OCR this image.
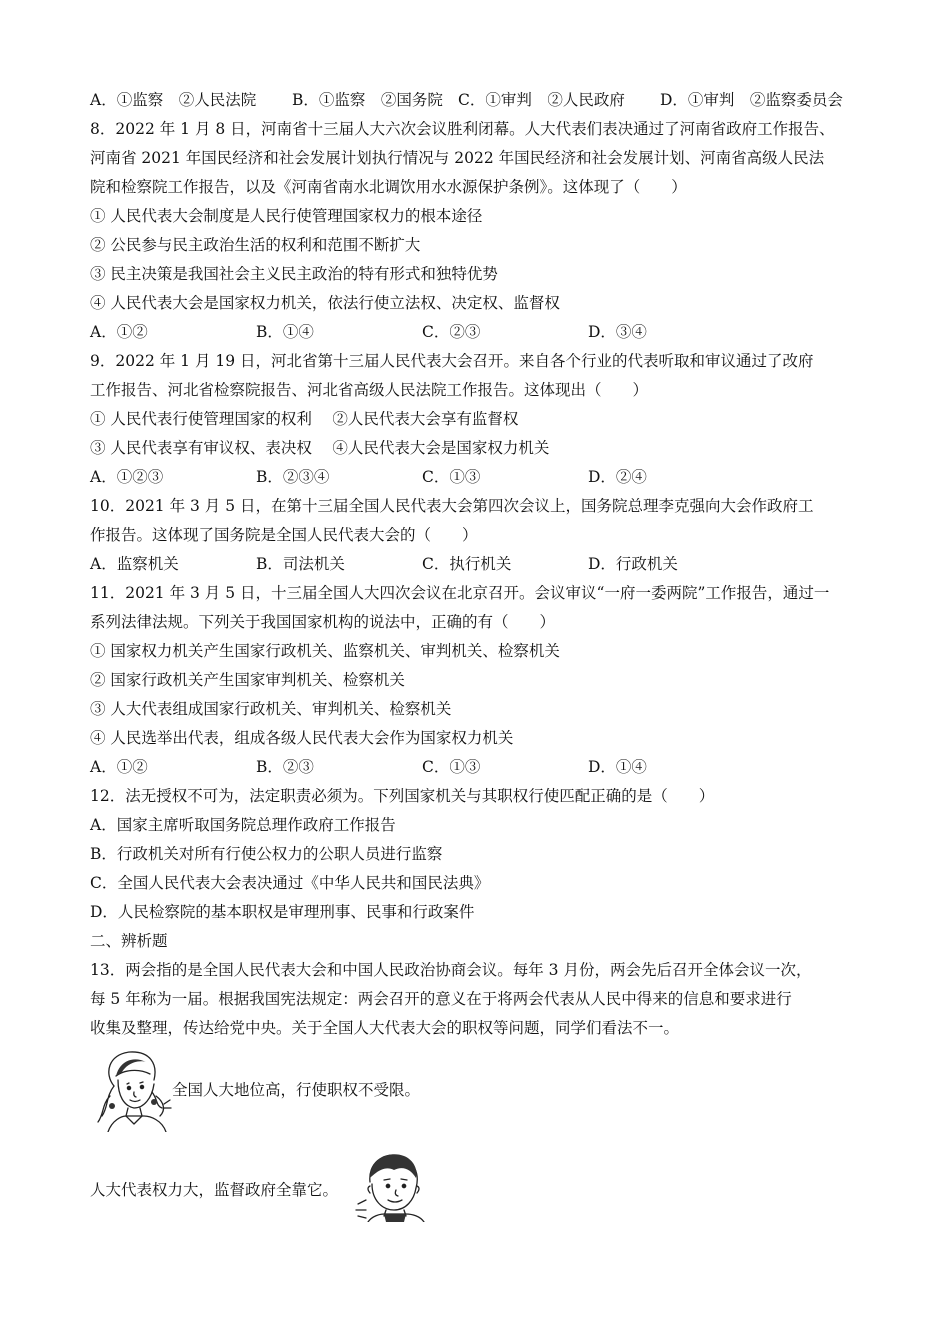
A．①监察　②人民法院 B．①监察　②国务院 C．①审判　②人民政府 D．①审判　②监察委员会
8．2022 年 1 月 8 日，河南省十三届人大六次会议胜利闭幕。人大代表们表决通过了河南省政府工作报告、
河南省 2021 年国民经济和社会发展计划执行情况与 2022 年国民经济和社会发展计划、河南省高级人民法
院和检察院工作报告，以及《河南省南水北调饮用水水源保护条例》。这体现了（　　）
① 人民代表大会制度是人民行使管理国家权力的根本途径
② 公民参与民主政治生活的权利和范围不断扩大
③ 民主决策是我国社会主义民主政治的特有形式和独特优势
④ 人民代表大会是国家权力机关，依法行使立法权、决定权、监督权
A．①②	B．①④	C．②③	D．③④
9．2022 年 1 月 19 日，河北省第十三届人民代表大会召开。来自各个行业的代表听取和审议通过了改府
工作报告、河北省检察院报告、河北省高级人民法院工作报告。这体现出（　　）
① 人民代表行使管理国家的权利　 ②人民代表大会享有监督权
③ 人民代表享有审议权、表决权　 ④人民代表大会是国家权力机关
A．①②③	B．②③④	C．①③	D．②④
10．2021 年 3 月 5 日，在第十三届全国人民代表大会第四次会议上，国务院总理李克强向大会作政府工
作报告。这体现了国务院是全国人民代表大会的（　　）
A．监察机关	B．司法机关	C．执行机关	D．行政机关
11．2021 年 3 月 5 日，十三届全国人大四次会议在北京召开。会议审议“一府一委两院”工作报告，通过一
系列法律法规。下列关于我国国家机构的说法中，正确的有（　　）
① 国家权力机关产生国家行政机关、监察机关、审判机关、检察机关
② 国家行政机关产生国家审判机关、检察机关
③ 人大代表组成国家行政机关、审判机关、检察机关
④ 人民选举出代表，组成各级人民代表大会作为国家权力机关
A．①②	B．②③	C．①③	D．①④
12．法无授权不可为，法定职责必须为。下列国家机关与其职权行使匹配正确的是（　　）
A．国家主席听取国务院总理作政府工作报告
B．行政机关对所有行使公权力的公职人员进行监察
C．全国人民代表大会表决通过《中华人民共和国民法典》
D．人民检察院的基本职权是审理刑事、民事和行政案件
二、辨析题
13．两会指的是全国人民代表大会和中国人民政治协商会议。每年 3 月份，两会先后召开全体会议一次，
每 5 年称为一届。根据我国宪法规定：两会召开的意义在于将两会代表从人民中得来的信息和要求进行
收集及整理，传达给党中央。关于全国人大代表大会的职权等问题，同学们看法不一。
全国人大地位高，行使职权不受限。
人大代表权力大，监督政府全靠它。
